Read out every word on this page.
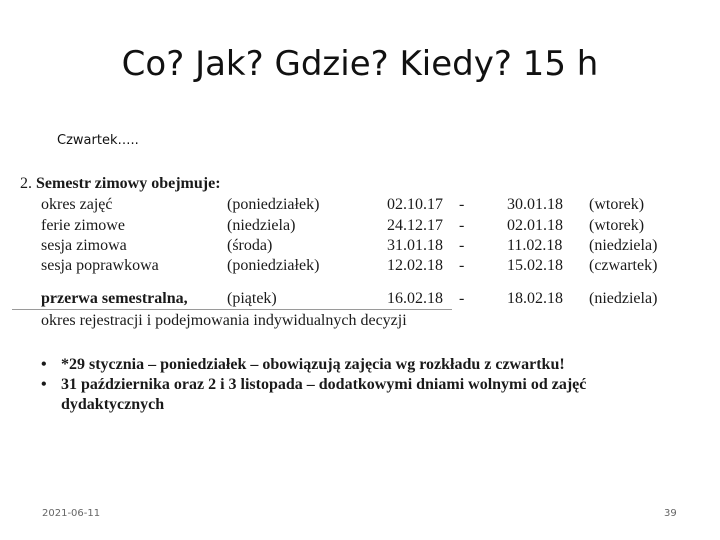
Co? Jak? Gdzie? Kiedy? 15 h
Czwartek…..
2. Semestr zimowy obejmuje:
okres zajęć	(poniedziałek)	02.10.17 -	30.01.18 (wtorek)
ferie zimowe	(niedziela)	24.12.17 -	02.01.18 (wtorek)
sesja zimowa	(środa)	31.01.18 -	11.02.18 (niedziela)
sesja poprawkowa	(poniedziałek)	12.02.18 -	15.02.18 (czwartek)
przerwa semestralna, (piątek)	16.02.18 -	18.02.18 (niedziela)
okres rejestracji i podejmowania indywidualnych decyzji

• *29 stycznia – poniedziałek – obowiązują zajęcia wg rozkładu z czwartku!

• 31 października oraz 2 i 3 listopada – dodatkowymi dniami wolnymi od zajęć dydaktycznych

2021-06-11	39
